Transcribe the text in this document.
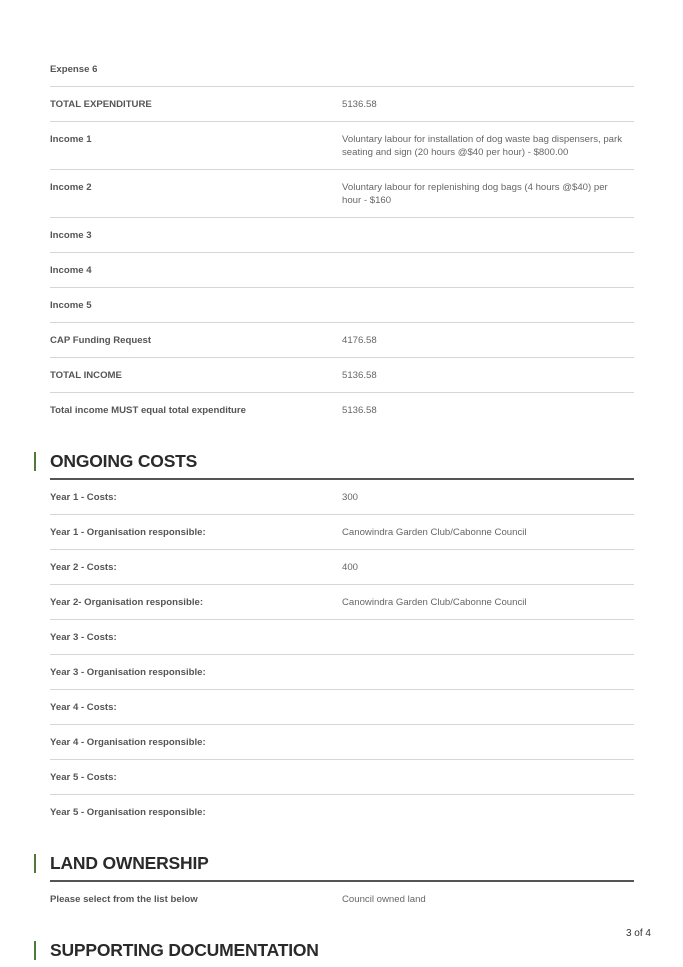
Expense 6
TOTAL EXPENDITURE	5136.58
Income 1	Voluntary labour for installation of dog waste bag dispensers, park seating and sign (20 hours @$40 per hour) - $800.00
Income 2	Voluntary labour for replenishing dog bags (4 hours @$40) per hour - $160
Income 3
Income 4
Income 5
CAP Funding Request	4176.58
TOTAL INCOME	5136.58
Total income MUST equal total expenditure	5136.58
ONGOING COSTS
Year 1 - Costs:	300
Year 1 - Organisation responsible:	Canowindra Garden Club/Cabonne Council
Year 2 - Costs:	400
Year 2- Organisation responsible:	Canowindra Garden Club/Cabonne Council
Year 3 - Costs:
Year 3 - Organisation responsible:
Year 4 - Costs:
Year 4 - Organisation responsible:
Year 5 - Costs:
Year 5 - Organisation responsible:
LAND OWNERSHIP
Please select from the list below	Council owned land
SUPPORTING DOCUMENTATION
3 of 4
